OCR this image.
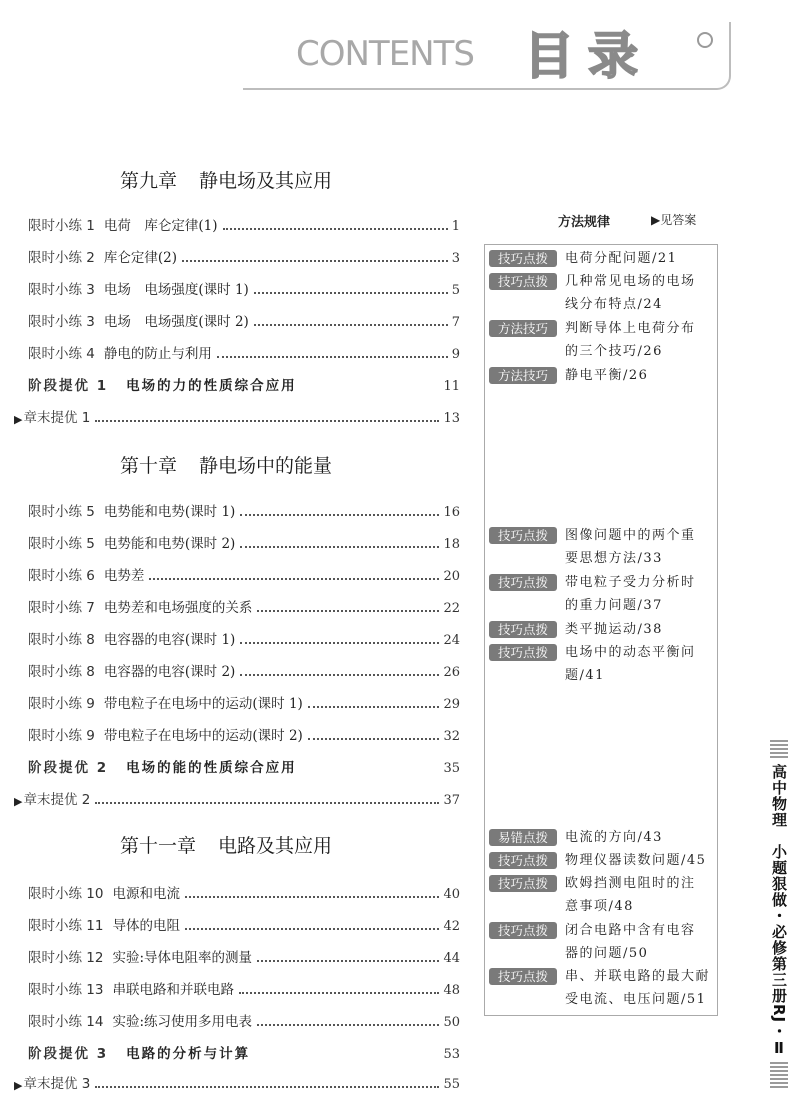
CONTENTS 目录
第九章 静电场及其应用
第十章 静电场中的能量
第十一章 电路及其应用
限时小练 1 电荷　库仑定律(1)	1
限时小练 2 库仑定律(2)	3
限时小练 3 电场　电场强度(课时 1)	5
限时小练 3 电场　电场强度(课时 2)	7
限时小练 4 静电的防止与利用	9
阶段提优 1 电场的力的性质综合应用	11
▶ 章末提优 1	13
限时小练 5 电势能和电势(课时 1)	16
限时小练 5 电势能和电势(课时 2)	18
限时小练 6 电势差	20
限时小练 7 电势差和电场强度的关系	22
限时小练 8 电容器的电容(课时 1)	24
限时小练 8 电容器的电容(课时 2)	26
限时小练 9 带电粒子在电场中的运动(课时 1)	29
限时小练 9 带电粒子在电场中的运动(课时 2)	32
阶段提优 2 电场的能的性质综合应用	35
▶ 章末提优 2	37
限时小练 10 电源和电流	40
限时小练 11 导体的电阻	42
限时小练 12 实验:导体电阻率的测量	44
限时小练 13 串联电路和并联电路	48
限时小练 14 实验:练习使用多用电表	50
阶段提优 3 电路的分析与计算	53
▶ 章末提优 3	55
方法规律	▶见答案
技巧点拨	电荷分配问题/21
技巧点拨	几种常见电场的电场
线分布特点/24
方法技巧	判断导体上电荷分布
的三个技巧/26
方法技巧	静电平衡/26
技巧点拨	图像问题中的两个重
要思想方法/33
技巧点拨	带电粒子受力分析时
的重力问题/37
技巧点拨	类平抛运动/38
技巧点拨	电场中的动态平衡问
题/41
易错点拨	电流的方向/43
技巧点拨	物理仪器读数问题/45
技巧点拨	欧姆挡测电阻时的注
意事项/48
技巧点拨	闭合电路中含有电容
器的问题/50
技巧点拨	串、并联电路的最大耐
受电流、电压问题/51	高中物理　小题狠做・必修第三册RJ・Ⅱ
